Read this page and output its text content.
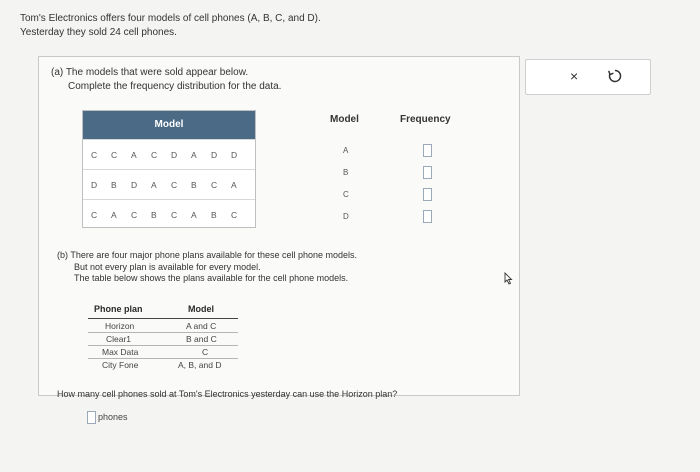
Tom's Electronics offers four models of cell phones (A, B, C, and D).
Yesterday they sold 24 cell phones.
×
(a) The models that were sold appear below.
Complete the frequency distribution for the data.
Model
C C A C D A D D
D B D A C B C A
C A C B C A B C
Model	Frequency
A
B
C
D
(b) There are four major phone plans available for these cell phone models.
But not every plan is available for every model.
The table below shows the plans available for the cell phone models.
Phone plan	Model
Horizon	A and C
Clear1	B and C
Max Data	C
City Fone	A, B, and D
How many cell phones sold at Tom's Electronics yesterday can use the Horizon plan?
phones
